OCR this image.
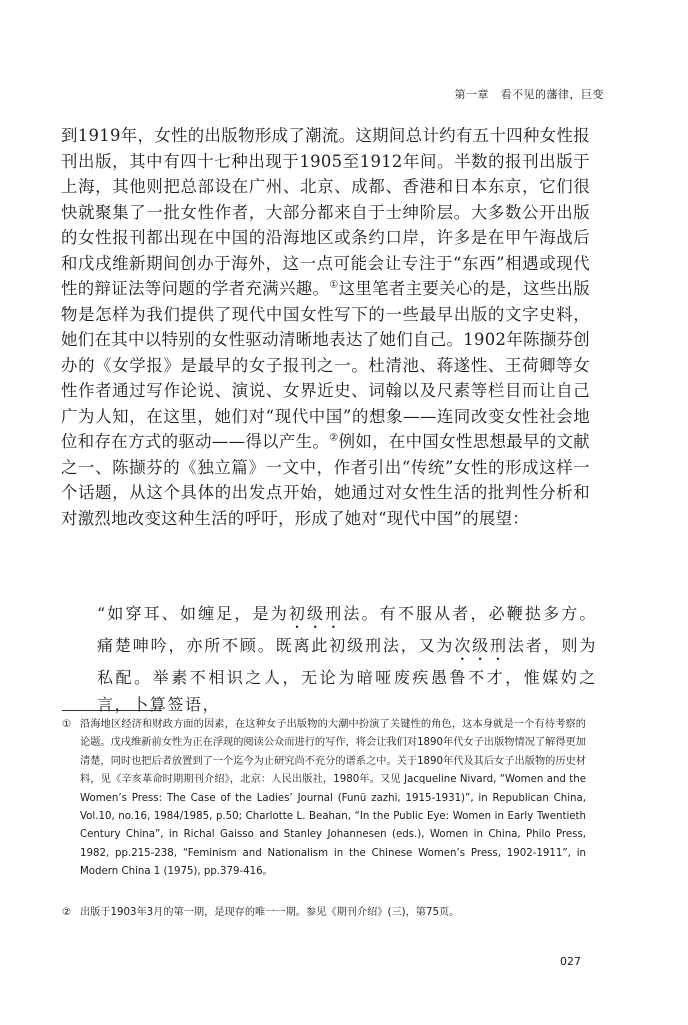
第一章　看不见的藩律，巨变

到1919年，女性的出版物形成了潮流。这期间总计约有五十四种女性报刊出版，其中有四十七种出现于1905至1912年间。半数的报刊出版于上海，其他则把总部设在广州、北京、成都、香港和日本东京，它们很快就聚集了一批女性作者，大部分都来自于士绅阶层。大多数公开出版的女性报刊都出现在中国的沿海地区或条约口岸，许多是在甲午海战后和戊戌维新期间创办于海外，这一点可能会让专注于“东西”相遇或现代性的辩证法等问题的学者充满兴趣。①这里笔者主要关心的是，这些出版物是怎样为我们提供了现代中国女性写下的一些最早出版的文字史料，她们在其中以特别的女性驱动清晰地表达了她们自己。1902年陈撷芬创办的《女学报》是最早的女子报刊之一。杜清池、蒋遂性、王荷卿等女性作者通过写作论说、演说、女界近史、词翰以及尺素等栏目而让自己广为人知，在这里，她们对“现代中国”的想象——连同改变女性社会地位和存在方式的驱动——得以产生。②例如，在中国女性思想最早的文献之一、陈撷芬的《独立篇》一文中，作者引出“传统”女性的形成这样一个话题，从这个具体的出发点开始，她通过对女性生活的批判性分析和对激烈地改变这种生活的呼吁，形成了她对“现代中国”的展望：

“如穿耳、如缠足，是为初级刑法。有不服从者，必鞭挞多方。痛楚呻吟，亦所不顾。既离此初级刑法，又为次级刑法者，则为私配。举素不相识之人，无论为暗哑废疾愚鲁不才，惟媒妁之言，卜算签语，

① 沿海地区经济和财政方面的因素，在这种女子出版物的大潮中扮演了关键性的角色，这本身就是一个有待考察的论题。戊戌维新前女性为正在浮现的阅读公众而进行的写作，将会让我们对1890年代女子出版物情况了解得更加清楚，同时也把后者放置到了一个迄今为止研究尚不充分的谱系之中。关于1890年代及其后女子出版物的历史材料，见《辛亥革命时期期刊介绍》，北京：人民出版社，1980年。又见 Jacqueline Nivard, “Women and the Women’s Press: The Case of the Ladies’ Journal (Funü zazhi, 1915-1931)”, in Republican China, Vol.10, no.16, 1984/1985, p.50; Charlotte L. Beahan, “In the Public Eye: Women in Early Twentieth Century China”, in Richal Gaisso and Stanley Johannesen (eds.), Women in China, Philo Press, 1982, pp.215-238, “Feminism and Nationalism in the Chinese Women’s Press, 1902-1911”, in Modern China 1 (1975), pp.379-416。
② 出版于1903年3月的第一期，是现存的唯一一期。参见《期刊介绍》(三)，第75页。
027
